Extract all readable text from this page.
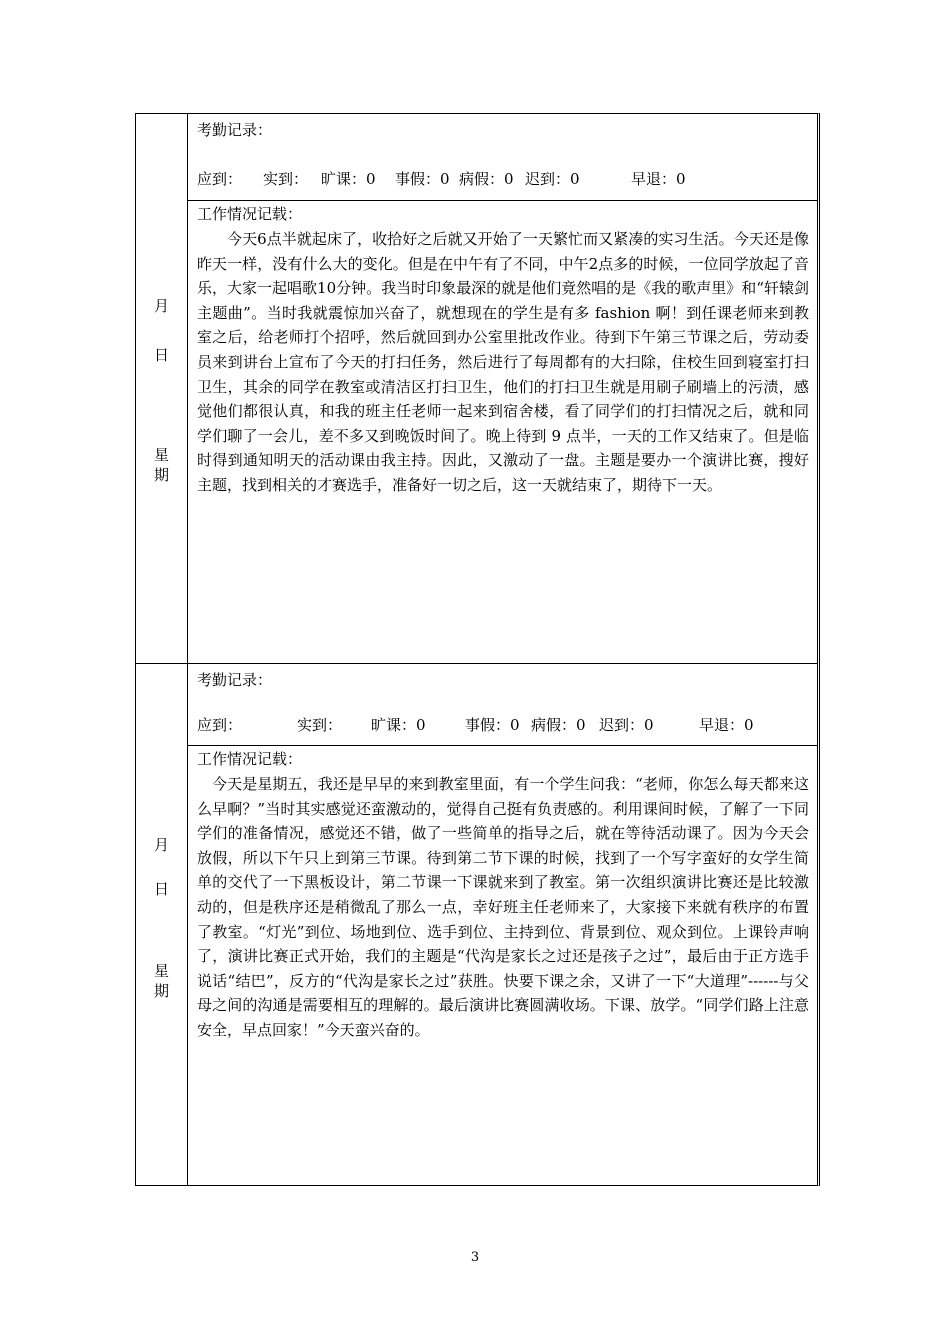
月
日
星
期
考勤记录：
应到： 实到： 旷课：0 事假：0 病假：0 迟到：0	早退：0
工作情况记载：

今天6点半就起床了，收拾好之后就又开始了一天繁忙而又紧凑的实习生活。今天还是像昨天一样，没有什么大的变化。但是在中午有了不同，中午2点多的时候，一位同学放起了音乐，大家一起唱歌10分钟。我当时印象最深的就是他们竟然唱的是《我的歌声里》和“轩辕剑主题曲”。当时我就震惊加兴奋了，就想现在的学生是有多 fashion 啊！到任课老师来到教室之后，给老师打个招呼，然后就回到办公室里批改作业。待到下午第三节课之后，劳动委员来到讲台上宣布了今天的打扫任务，然后进行了每周都有的大扫除，住校生回到寝室打扫卫生，其余的同学在教室或清洁区打扫卫生，他们的打扫卫生就是用刷子刷墙上的污渍，感觉他们都很认真，和我的班主任老师一起来到宿舍楼，看了同学们的打扫情况之后，就和同学们聊了一会儿，差不多又到晚饭时间了。晚上待到 9 点半，一天的工作又结束了。但是临时得到通知明天的活动课由我主持。因此，又激动了一盘。主题是要办一个演讲比赛，搜好主题，找到相关的才赛选手，准备好一切之后，这一天就结束了，期待下一天。

月
日
星
期
考勤记录：
应到：	实到： 旷课：0	事假：0 病假：0 迟到：0	早退：0
工作情况记载：

今天是星期五，我还是早早的来到教室里面，有一个学生问我：“老师，你怎么每天都来这么早啊？”当时其实感觉还蛮激动的，觉得自己挺有负责感的。利用课间时候，了解了一下同学们的准备情况，感觉还不错，做了一些简单的指导之后，就在等待活动课了。因为今天会放假，所以下午只上到第三节课。待到第二节下课的时候，找到了一个写字蛮好的女学生简单的交代了一下黑板设计，第二节课一下课就来到了教室。第一次组织演讲比赛还是比较激动的，但是秩序还是稍微乱了那么一点，幸好班主任老师来了，大家接下来就有秩序的布置了教室。“灯光”到位、场地到位、选手到位、主持到位、背景到位、观众到位。上课铃声响了，演讲比赛正式开始，我们的主题是“代沟是家长之过还是孩子之过”，最后由于正方选手说话“结巴”，反方的“代沟是家长之过”获胜。快要下课之余，又讲了一下“大道理”------与父母之间的沟通是需要相互的理解的。最后演讲比赛圆满收场。下课、放学。“同学们路上注意安全，早点回家！”今天蛮兴奋的。

3
